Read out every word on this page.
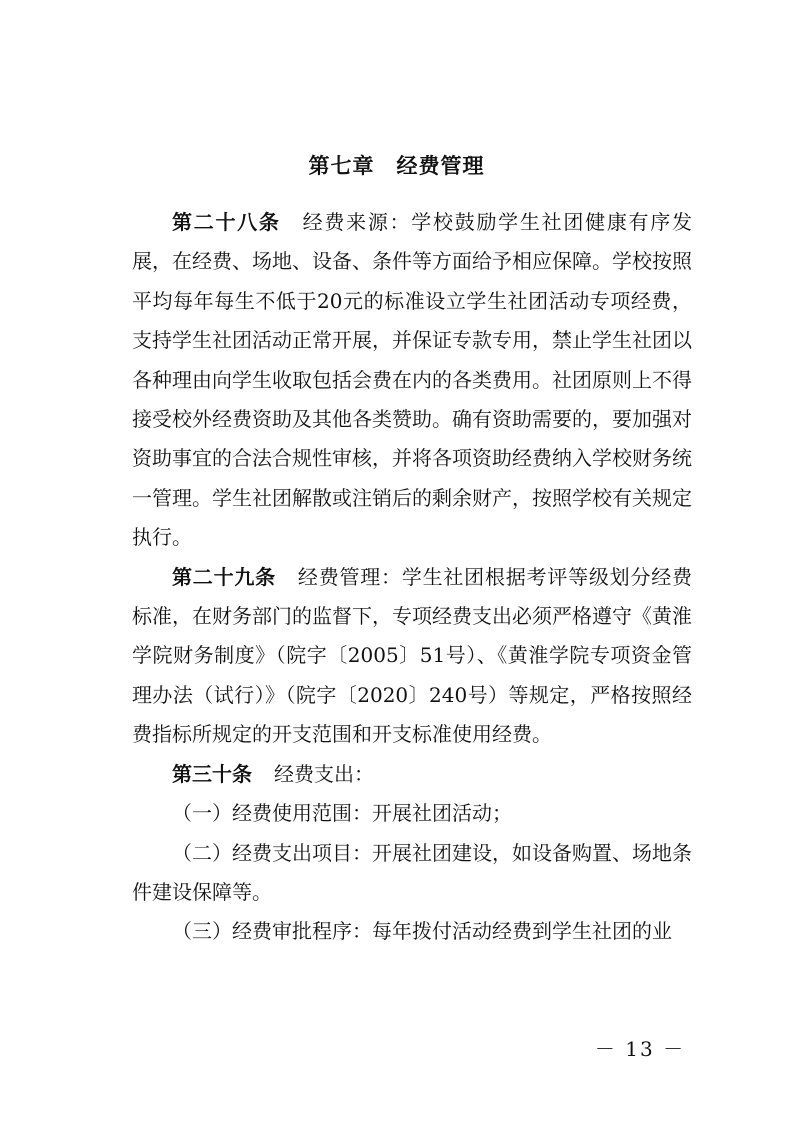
第七章　经费管理

第二十八条 经费来源：学校鼓励学生社团健康有序发展，在经费、场地、设备、条件等方面给予相应保障。学校按照平均每年每生不低于20元的标准设立学生社团活动专项经费，支持学生社团活动正常开展，并保证专款专用，禁止学生社团以各种理由向学生收取包括会费在内的各类费用。社团原则上不得接受校外经费资助及其他各类赞助。确有资助需要的，要加强对资助事宜的合法合规性审核，并将各项资助经费纳入学校财务统一管理。学生社团解散或注销后的剩余财产，按照学校有关规定执行。

第二十九条 经费管理：学生社团根据考评等级划分经费标准，在财务部门的监督下，专项经费支出必须严格遵守《黄淮学院财务制度》（院字〔2005〕51号）、《黄淮学院专项资金管理办法（试行）》（院字〔2020〕240号）等规定，严格按照经费指标所规定的开支范围和开支标准使用经费。

第三十条 经费支出：

（一）经费使用范围：开展社团活动；

（二）经费支出项目：开展社团建设，如设备购置、场地条件建设保障等。

（三）经费审批程序：每年拨付活动经费到学生社团的业

－ 13 －
